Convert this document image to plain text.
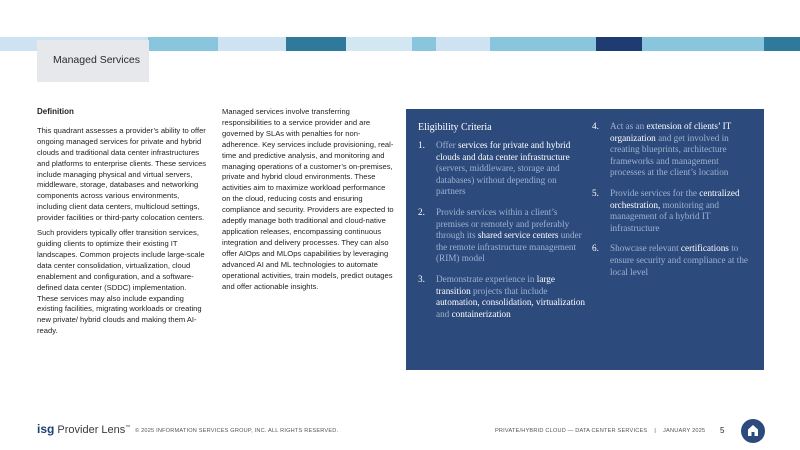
Managed Services
Definition

This quadrant assesses a provider’s ability to offer ongoing managed services for private and hybrid clouds and traditional data center infrastructures and platforms to enterprise clients. These services include managing physical and virtual servers, middleware, storage, databases and networking components across various environments, including client data centers, multicloud settings, provider facilities or third-party colocation centers.

Such providers typically offer transition services, guiding clients to optimize their existing IT landscapes. Common projects include large-scale data center consolidation, virtualization, cloud enablement and configuration, and a software-defined data center (SDDC) implementation. These services may also include expanding existing facilities, migrating workloads or creating new private/ hybrid clouds and making them AI-ready.

Managed services involve transferring responsibilities to a service provider and are governed by SLAs with penalties for non-adherence. Key services include provisioning, real-time and predictive analysis, and monitoring and managing operations of a customer’s on-premises, private and hybrid cloud environments. These activities aim to maximize workload performance on the cloud, reducing costs and ensuring compliance and security. Providers are expected to adeptly manage both traditional and cloud-native application releases, encompassing continuous integration and delivery processes. They can also offer AIOps and MLOps capabilities by leveraging advanced AI and ML technologies to automate operational activities, train models, predict outages and offer actionable insights.

Eligibility Criteria
1. Offer services for private and hybrid clouds and data center infrastructure (servers, middleware, storage and databases) without depending on partners
2. Provide services within a client’s premises or remotely and preferably through its shared service centers under the remote infrastructure management (RIM) model
3. Demonstrate experience in large transition projects that include automation, consolidation, virtualization and containerization
4. Act as an extension of clients’ IT organization and get involved in creating blueprints, architecture frameworks and management processes at the client’s location
5. Provide services for the centralized orchestration, monitoring and management of a hybrid IT infrastructure
6. Showcase relevant certifications to ensure security and compliance at the local level
isg Provider Lens™
© 2025 INFORMATION SERVICES GROUP, INC. ALL RIGHTS RESERVED.	PRIVATE/HYBRID CLOUD — DATA CENTER SERVICES | JANUARY 2025 5
